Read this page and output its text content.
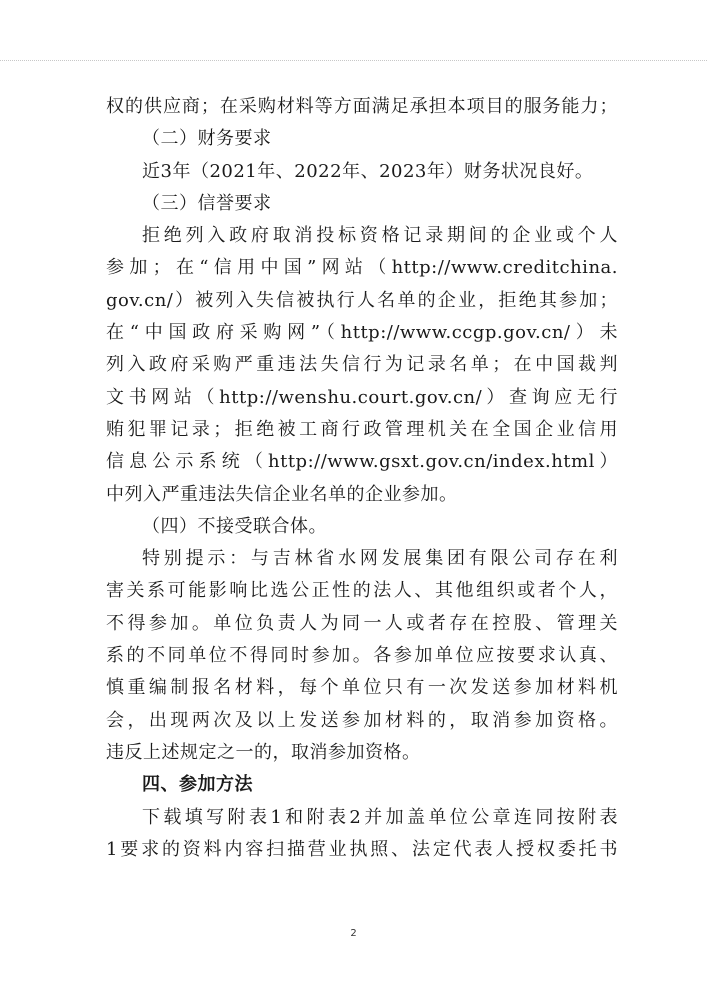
权的供应商；在采购材料等方面满足承担本项目的服务能力；
（二）财务要求
近3年（2021年、2022年、2023年）财务状况良好。
（三）信誉要求
拒绝列入政府取消投标资格记录期间的企业或个人
参加；在“信用中国”网站（http://www.creditchina.
gov.cn/）被列入失信被执行人名单的企业，拒绝其参加；
在“中国政府采购网”（http://www.ccgp.gov.cn/）未
列入政府采购严重违法失信行为记录名单；在中国裁判
文书网站（http://wenshu.court.gov.cn/）查询应无行
贿犯罪记录；拒绝被工商行政管理机关在全国企业信用
信息公示系统（http://www.gsxt.gov.cn/index.html）
中列入严重违法失信企业名单的企业参加。
（四）不接受联合体。
特别提示：与吉林省水网发展集团有限公司存在利
害关系可能影响比选公正性的法人、其他组织或者个人，
不得参加。单位负责人为同一人或者存在控股、管理关
系的不同单位不得同时参加。各参加单位应按要求认真、
慎重编制报名材料，每个单位只有一次发送参加材料机
会，出现两次及以上发送参加材料的，取消参加资格。
违反上述规定之一的，取消参加资格。
四、参加方法
下载填写附表1和附表2并加盖单位公章连同按附表
1要求的资料内容扫描营业执照、法定代表人授权委托书
2
